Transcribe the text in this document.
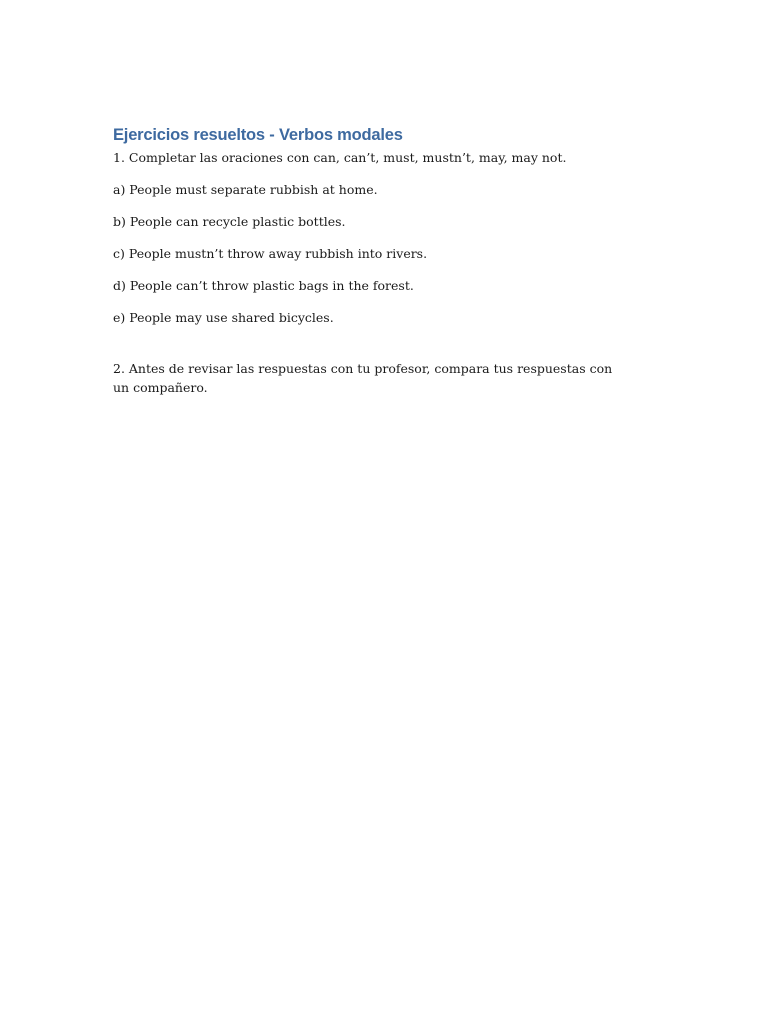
Ejercicios resueltos - Verbos modales

1. Completar las oraciones con can, can’t, must, mustn’t, may, may not.

a) People must separate rubbish at home.
b) People can recycle plastic bottles.
c) People mustn’t throw away rubbish into rivers.
d) People can’t throw plastic bags in the forest.
e) People may use shared bicycles.

2. Antes de revisar las respuestas con tu profesor, compara tus respuestas con un compañero.
